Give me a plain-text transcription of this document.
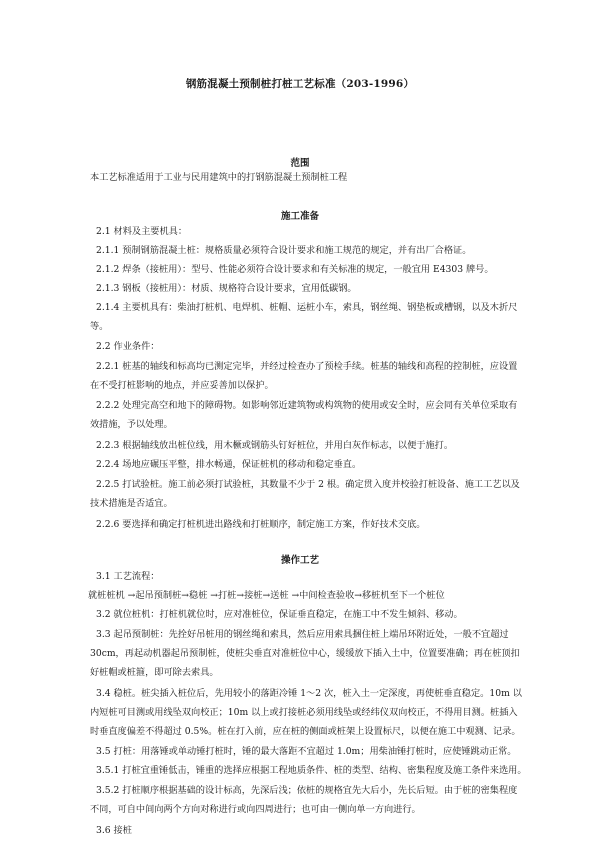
钢筋混凝土预制桩打桩工艺标准（203-1996）
范围
本工艺标准适用于工业与民用建筑中的打钢筋混凝土预制桩工程
施工准备
2.1 材料及主要机具：
2.1.1 预制钢筋混凝土桩：规格质量必须符合设计要求和施工规范的规定，并有出厂合格证。
2.1.2 焊条（接桩用）：型号、性能必须符合设计要求和有关标准的规定，一般宜用 E4303 牌号。
2.1.3 钢板（接桩用）：材质、规格符合设计要求，宜用低碳钢。
2.1.4 主要机具有：柴油打桩机、电焊机、桩帽、运桩小车，索具，钢丝绳、钢垫板或槽钢，以及木折尺
等。
2.2 作业条件：
2.2.1 桩基的轴线和标高均已测定完毕，并经过检查办了预检手续。桩基的轴线和高程的控制桩，应设置
在不受打桩影响的地点，并应妥善加以保护。
2.2.2 处理完高空和地下的障碍物。如影响邻近建筑物或构筑物的使用或安全时，应会同有关单位采取有
效措施，予以处理。
2.2.3 根据轴线放出桩位线，用木橛或钢筋头钉好桩位，并用白灰作标志，以便于施打。
2.2.4 场地应碾压平整，排水畅通，保证桩机的移动和稳定垂直。
2.2.5 打试验桩。施工前必须打试验桩，其数量不少于 2 根。确定贯入度并校验打桩设备、施工工艺以及
技术措施是否适宜。
2.2.6 要选择和确定打桩机进出路线和打桩顺序，制定施工方案，作好技术交底。
操作工艺
3.1 工艺流程：
就桩桩机 →起吊预制桩→稳桩 →打桩→接桩→送桩 →中间检查验收→移桩机至下一个桩位
3.2 就位桩机：打桩机就位时，应对准桩位，保证垂直稳定，在施工中不发生倾斜、移动。
3.3 起吊预制桩：先拴好吊桩用的钢丝绳和索具，然后应用索具捆住桩上端吊环附近处，一般不宜超过
30cm，再起动机器起吊预制桩，使桩尖垂直对准桩位中心，缓缓放下插入土中，位置要准确；再在桩顶扣
好桩帽或桩箍，即可除去索具。
3.4 稳桩。桩尖插入桩位后，先用较小的落距冷锤 1～2 次，桩入土一定深度，再使桩垂直稳定。10m 以
内短桩可目测或用线坠双向校正；10m 以上或打接桩必须用线坠或经纬仪双向校正，不得用目测。桩插入
时垂直度偏差不得超过 0.5%。桩在打入前，应在桩的侧面或桩架上设置标尺，以便在施工中观测、记录。
3.5 打桩：用落锤或单动锤打桩时，锤的最大落距不宜超过 1.0m；用柴油锤打桩时，应使锤跳动正常。
3.5.1 打桩宜重锤低击，锤重的选择应根据工程地质条件、桩的类型、结构、密集程度及施工条件来选用。
3.5.2 打桩顺序根据基础的设计标高，先深后浅；依桩的规格宜先大后小，先长后短。由于桩的密集程度
不同，可自中间向两个方向对称进行或向四周进行；也可由一侧向单一方向进行。
3.6 接桩
